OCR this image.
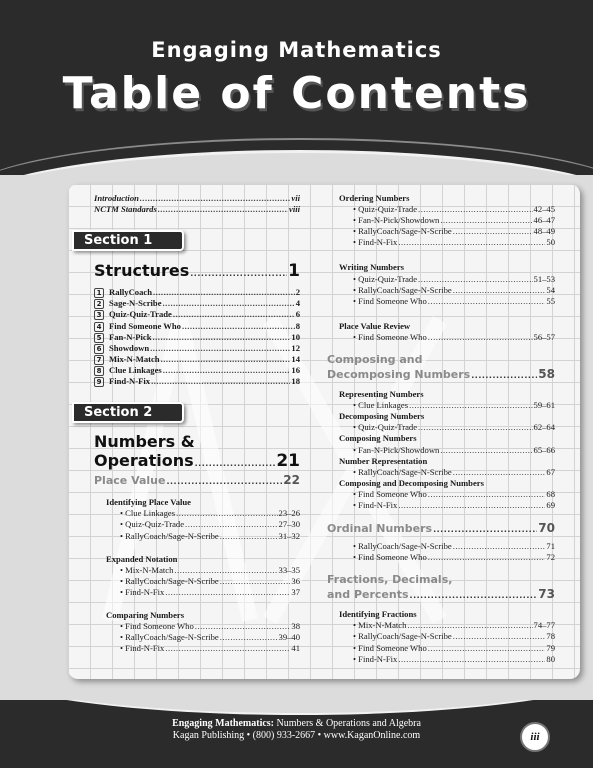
Engaging Mathematics
Table of Contents
Introduction .....	vii
NCTM Standards .....	viii
Section 1
Structures .....	1
1 RallyCoach .....	2
2 Sage-N-Scribe .....	4
3 Quiz-Quiz-Trade .....	6
4 Find Someone Who .....	8
5 Fan-N-Pick .....	10
6 Showdown .....	12
7 Mix-N-Match .....	14
8 Clue Linkages .....	16
9 Find-N-Fix .....	18
Section 2
Numbers &
Operations .....	21
Place Value .....	22
Identifying Place Value
• Clue Linkages .....	23–26
• Quiz-Quiz-Trade .....	27–30
• RallyCoach/Sage-N-Scribe .....	31–32
Expanded Notation
• Mix-N-Match .....	33–35
• RallyCoach/Sage-N-Scribe .....	36
• Find-N-Fix .....	37
Comparing Numbers
• Find Someone Who .....	38
• RallyCoach/Sage-N-Scribe .....	39–40
• Find-N-Fix .....	41
Ordering Numbers
• Quiz-Quiz-Trade .....	42–45
• Fan-N-Pick/Showdown .....	46–47
• RallyCoach/Sage-N-Scribe .....	48–49
• Find-N-Fix .....	50
Writing Numbers
• Quiz-Quiz-Trade .....	51–53
• RallyCoach/Sage-N-Scribe .....	54
• Find Someone Who .....	55
Place Value Review
• Find Someone Who .....	56–57
Composing and
Decomposing Numbers .....	58
Representing Numbers
• Clue Linkages .....	59–61
Decomposing Numbers
• Quiz-Quiz-Trade .....	62–64
Composing Numbers
• Fan-N-Pick/Showdown .....	65–66
Number Representation
• RallyCoach/Sage-N-Scribe .....	67
Composing and Decomposing Numbers
• Find Someone Who .....	68
• Find-N-Fix .....	69
Ordinal Numbers .....	70
• RallyCoach/Sage-N-Scribe .....	71
• Find Someone Who .....	72
Fractions, Decimals,
and Percents .....	73
Identifying Fractions
• Mix-N-Match .....	74–77
• RallyCoach/Sage-N-Scribe .....	78
• Find Someone Who .....	79
• Find-N-Fix .....	80
Engaging Mathematics: Numbers & Operations and Algebra
Kagan Publishing • (800) 933-2667 • www.KaganOnline.com	iii
